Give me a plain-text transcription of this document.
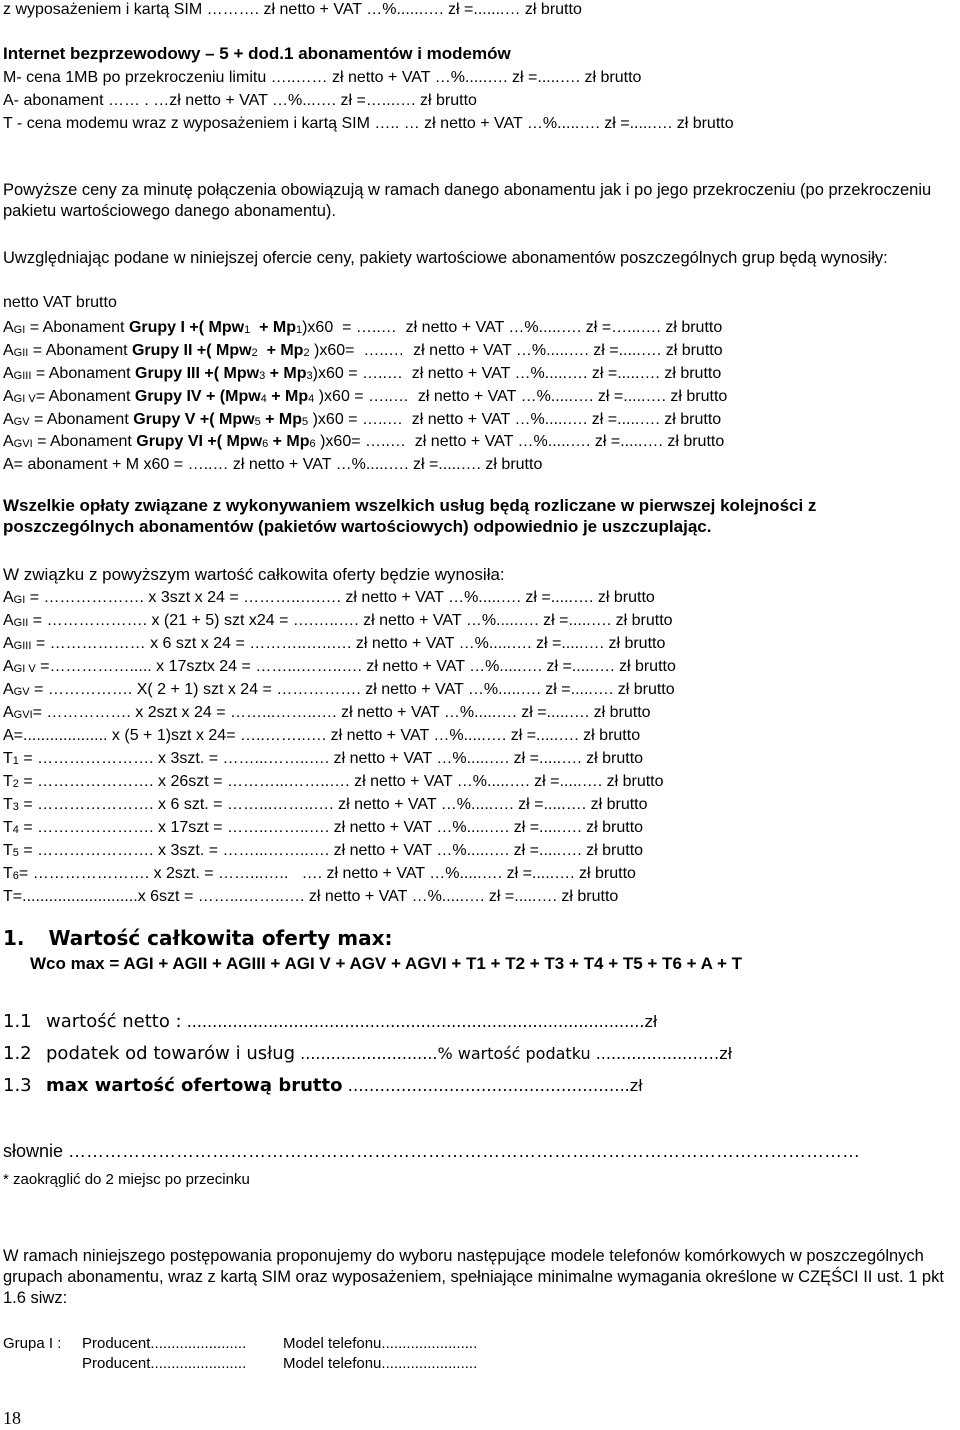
z wyposażeniem i kartą SIM ………. zł netto + VAT …%......…. zł =.......… zł brutto
Internet bezprzewodowy – 5 + dod.1 abonamentów i modemów
M- cena 1MB po przekroczeniu limitu …..…… zł netto + VAT …%.....…. zł =.....…. zł brutto
A- abonament …… . …zł netto + VAT …%...…. zł =…...…. zł brutto
T - cena modemu wraz z wyposażeniem i kartą SIM ….. … zł netto + VAT …%.....…. zł =.....…. zł brutto
Powyższe ceny za minutę połączenia obowiązują w ramach danego abonamentu jak i po jego przekroczeniu (po przekroczeniu pakietu wartościowego danego abonamentu).
Uwzględniając podane w niniejszej ofercie ceny, pakiety wartościowe abonamentów poszczególnych grup będą wynosiły:
netto VAT brutto
AGI = Abonament Grupy I +( Mpw1  + Mp1)x60  = …..…  zł netto + VAT …%.....…. zł =…...…. zł brutto
AGII = Abonament Grupy II +( Mpw2  + Mp2 )x60=  …..…  zł netto + VAT …%.....…. zł =.....…. zł brutto
AGIII = Abonament Grupy III +( Mpw3 + Mp3)x60 = …..…  zł netto + VAT …%.....…. zł =.....…. zł brutto
AGI V= Abonament Grupy IV + (Mpw4 + Mp4 )x60 = …..…  zł netto + VAT …%.....…. zł =.....…. zł brutto
AGV = Abonament Grupy V +( Mpw5 + Mp5 )x60 = …..…  zł netto + VAT …%.....…. zł =.....…. zł brutto
AGVI = Abonament Grupy VI +( Mpw6 + Mp6 )x60= …..…  zł netto + VAT …%.....…. zł =.....…. zł brutto
A= abonament + M x60 = …..… zł netto + VAT …%.....…. zł =.....…. zł brutto
Wszelkie opłaty związane z wykonywaniem wszelkich usług będą rozliczane w pierwszej kolejności z poszczególnych abonamentów (pakietów wartościowych) odpowiednio je uszczuplając.
W związku z powyższym wartość całkowita oferty będzie wynosiła:
AGI = ………………. x 3szt x 24 = ………..….…. zł netto + VAT …%.....…. zł =.....…. zł brutto
AGII = ………………. x (21 + 5) szt x24 = ….…..…. zł netto + VAT …%.....…. zł =.....…. zł brutto
AGIII = ……………… x 6 szt x 24 = ………..…..…. zł netto + VAT …%.....…. zł =.....…. zł brutto
AGI V =……………..... x 17sztx 24 = ……...……..…. zł netto + VAT …%.....…. zł =.....…. zł brutto
AGV = ……………. X( 2 + 1) szt x 24 = ……………. zł netto + VAT …%.....…. zł =.....…. zł brutto
AGVI= ……………. x 2szt x 24 = ……...……..…. zł netto + VAT …%.....…. zł =.....…. zł brutto
A=................... x (5 + 1)szt x 24= …..……..…. zł netto + VAT …%.....…. zł =.....…. zł brutto
T1 = …………………. x 3szt. = ……...……..…. zł netto + VAT …%.....…. zł =.....…. zł brutto
T2 = …………………. x 26szt = ………...……..…. zł netto + VAT …%.....…. zł =.....…. zł brutto
T3 = …………………. x 6 szt. = ……...……..…. zł netto + VAT …%.....…. zł =.....…. zł brutto
T4 = …………………. x 17szt = ……..……..…. zł netto + VAT …%.....…. zł =.....…. zł brutto
T5 = …………………. x 3szt. = ……...……..…. zł netto + VAT …%.....…. zł =.....…. zł brutto
T6= …………………. x 2szt. = ……...…..   …. zł netto + VAT …%.....…. zł =.....…. zł brutto
T=..........................x 6szt = ……...……..…. zł netto + VAT …%.....…. zł =.....…. zł brutto
1. Wartość całkowita oferty max:
Wco max = AGI + AGII + AGIII + AGI V + AGV + AGVI + T1 + T2 + T3 + T4 + T5 + T6 + A + T
1.1 wartość netto : ..........................................................................................zł
1.2 podatek od towarów i usług ...........................% wartość podatku ..................……zł
1.3 max wartość ofertową brutto ……………………………………………..zł
słownie ……………………………………………………………………………………………………………………
* zaokrąglić do 2 miejsc po przecinku
W ramach niniejszego postępowania proponujemy do wyboru następujące modele telefonów komórkowych w poszczególnych grupach abonamentu, wraz z kartą SIM oraz wyposażeniem, spełniające minimalne wymagania określone w CZĘŚCI II ust. 1 pkt 1.6 siwz:
Grupa I : Producent....................... Model telefonu.......................
Producent....................... Model telefonu.......................
18
